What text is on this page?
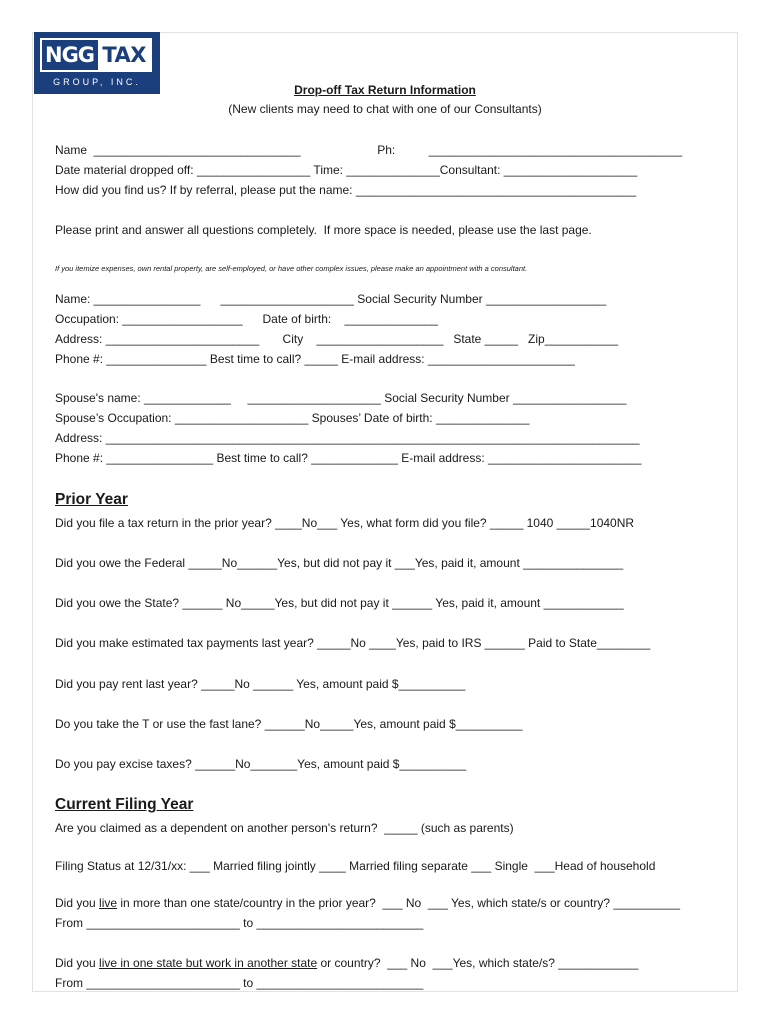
NGG TAX
GROUP, INC.
Drop-off Tax Return Information
(New clients may need to chat with one of our Consultants)
Name  _______________________________                       Ph:          ______________________________________
Date material dropped off: _________________ Time: ______________Consultant: ____________________
How did you find us? If by referral, please put the name: __________________________________________
Please print and answer all questions completely.  If more space is needed, please use the last page.
If you itemize expenses, own rental property, are self-employed, or have other complex issues, please make an appointment with a consultant.
Name: ________________      ____________________ Social Security Number __________________
Occupation: __________________      Date of birth:    ______________
Address: _______________________       City    ___________________   State _____   Zip___________
Phone #: _______________ Best time to call? _____ E-mail address: ______________________
Spouse's name: _____________     ____________________ Social Security Number _________________
Spouse’s Occupation: ____________________ Spouses’ Date of birth: ______________
Address: ________________________________________________________________________________
Phone #: ________________ Best time to call? _____________ E-mail address: _______________________
Prior Year
Did you file a tax return in the prior year? ____No___ Yes, what form did you file? _____ 1040 _____1040NR
Did you owe the Federal _____No______Yes, but did not pay it ___Yes, paid it, amount _______________
Did you owe the State? ______ No_____Yes, but did not pay it ______ Yes, paid it, amount ____________
Did you make estimated tax payments last year? _____No ____Yes, paid to IRS ______ Paid to State________
Did you pay rent last year? _____No ______ Yes, amount paid $__________
Do you take the T or use the fast lane? ______No_____Yes, amount paid $__________
Do you pay excise taxes? ______No_______Yes, amount paid $__________
Current Filing Year
Are you claimed as a dependent on another person's return?  _____ (such as parents)
Filing Status at 12/31/xx: ___ Married filing jointly ____ Married filing separate ___ Single  ___Head of household
Did you live in more than one state/country in the prior year?  ___ No  ___ Yes, which state/s or country? __________
From _______________________ to _________________________
Did you live in one state but work in another state or country?  ___ No  ___Yes, which state/s? ____________
From _______________________ to _________________________
